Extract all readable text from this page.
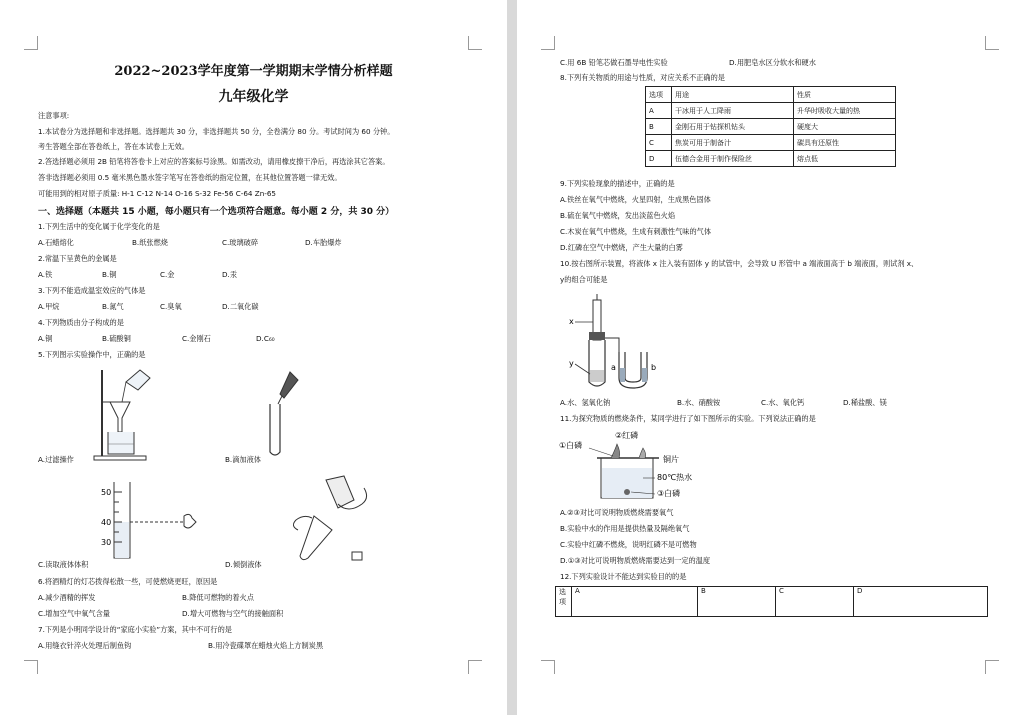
2022~2023学年度第一学期期末学情分析样题
九年级化学
注意事项:
1.本试卷分为选择题和非选择题。选择题共 30 分，非选择题共 50 分，全卷满分 80 分。考试时间为 60 分钟。
考生答题全部在答卷纸上，答在本试卷上无效。
2.答选择题必须用 2B 铅笔将答卷卡上对应的答案标号涂黑。如需改动，请用橡皮擦干净后，再选涂其它答案。
答非选择题必须用 0.5 毫米黑色墨水签字笔写在答卷纸的指定位置，在其他位置答题一律无效。
可能用到的相对原子质量: H-1 C-12 N-14 O-16 S-32 Fe-56 C-64 Zn-65
一、选择题（本题共 15 小题，每小题只有一个选项符合题意。每小题 2 分，共 30 分）
1.下列生活中的变化属于化学变化的是
A.石蜡熔化	B.纸张燃烧	C.玻璃破碎	D.车胎爆炸
2.常温下呈黄色的金属是
A.铁	B.铜	C.金	D.汞
3.下列不能造成温室效应的气体是
A.甲烷	B.氮气	C.臭氧	D.二氧化碳
4.下列物质由分子构成的是
A.铜	B.硫酸铜	C.金刚石	D.C₆₀
5.下列图示实验操作中，正确的是
A.过滤操作	B.滴加液体
50
40
30
C.读取液体体积	D.倾倒液体
6.将酒精灯的灯芯拨得松散一些，可使燃烧更旺，原因是
A.减少酒精的挥发	B.降低可燃物的着火点
C.增加空气中氧气含量	D.增大可燃物与空气的接触面积
7.下列是小明同学设计的“家庭小实验”方案，其中不可行的是
A.用缝衣针淬火处理后制鱼钩	B.用冷瓷碟罩在蜡烛火焰上方制炭黑
C.用 6B 铅笔芯做石墨导电性实验	D.用肥皂水区分软水和硬水
8.下列有关物质的用途与性质，对应关系不正确的是
选项	用途	性质
A	干冰用于人工降雨	升华时吸收大量的热
B	金刚石用于钻探机钻头	硬度大
C	焦炭可用于制备汁	碳具有还原性
D	伍德合金用于制作保险丝	熔点低
9.下列实验现象的描述中，正确的是
A.铁丝在氧气中燃烧，火星四射，生成黑色固体
B.硫在氧气中燃烧，发出淡蓝色火焰
C.木炭在氧气中燃烧，生成有刺激性气味的气体
D.红磷在空气中燃烧，产生大量的白雾
10.按右图所示装置，将液体 x 注入装有固体 y 的试管中，会导致 U 形管中 a 端液面高于 b 端液面，则试剂 x、
y的组合可能是
x
y	a	b
A.水、氢氧化钠	B.水、硝酸铵	C.水、氧化钙	D.稀盐酸、镁
11.为探究物质的燃烧条件，某同学进行了如下图所示的实验。下列说法正确的是
①白磷
②红磷
铜片
80℃热水
③白磷
A.②③对比可说明物质燃烧需要氧气
B.实验中水的作用是提供热量及隔绝氧气
C.实验中红磷不燃烧，说明红磷不是可燃物
D.①③对比可说明物质燃烧需要达到一定的温度
12.下列实验设计不能达到实验目的的是
选项	A	B	C	D
